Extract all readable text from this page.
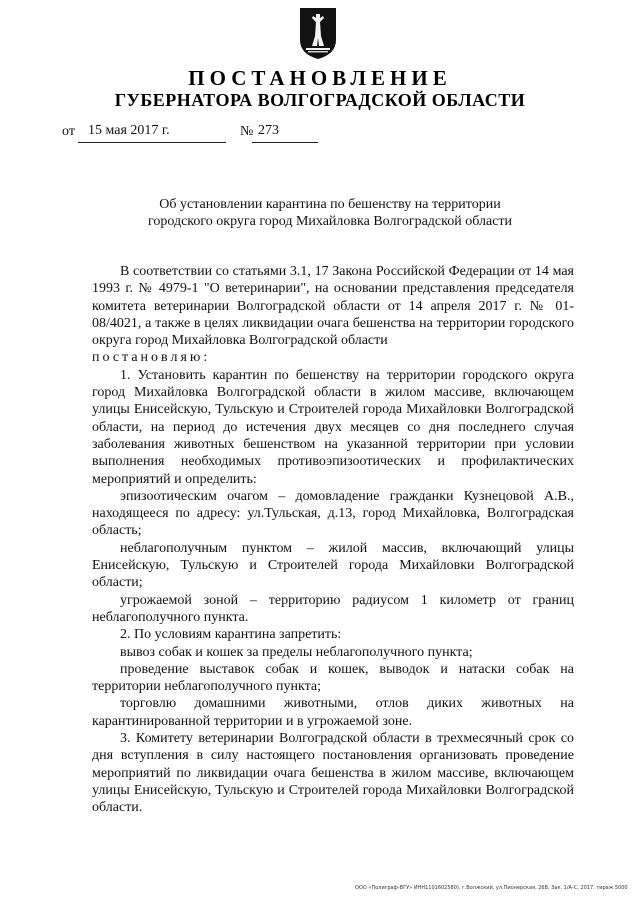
ПОСТАНОВЛЕНИЕ
ГУБЕРНАТОРА ВОЛГОГРАДСКОЙ ОБЛАСТИ
от 15 мая 2017 г.	№ 273
Об установлении карантина по бешенству на территории
городского округа город Михайловка Волгоградской области

В соответствии со статьями 3.1, 17 Закона Российской Федерации от 14 мая 1993 г. № 4979-1 "О ветеринарии", на основании представления председателя комитета ветеринарии Волгоградской области от 14 апреля 2017 г. № 01-08/4021, а также в целях ликвидации очага бешенства на территории городского округа город Михайловка Волгоградской области

постановляю:

1. Установить карантин по бешенству на территории городского округа город Михайловка Волгоградской области в жилом массиве, включающем улицы Енисейскую, Тульскую и Строителей города Михайловки Волгоградской области, на период до истечения двух месяцев со дня последнего случая заболевания животных бешенством на указанной территории при условии выполнения необходимых противоэпизоотических и профилактических мероприятий и определить:

эпизоотическим очагом – домовладение гражданки Кузнецовой А.В., находящееся по адресу: ул.Тульская, д.13, город Михайловка, Волгоградская область;

неблагополучным пунктом – жилой массив, включающий улицы Енисейскую, Тульскую и Строителей города Михайловки Волгоградской области;

угрожаемой зоной – территорию радиусом 1 километр от границ неблагополучного пункта.

2. По условиям карантина запретить:

вывоз собак и кошек за пределы неблагополучного пункта;

проведение выставок собак и кошек, выводок и натаски собак на территории неблагополучного пункта;

торговлю домашними животными, отлов диких животных на карантинированной территории и в угрожаемой зоне.

3. Комитету ветеринарии Волгоградской области в трехмесячный срок со дня вступления в силу настоящего постановления организовать проведение мероприятий по ликвидации очага бешенства в жилом массиве, включающем улицы Енисейскую, Тульскую и Строителей города Михайловки Волгоградской области.

ООО «Полиграф-ВГУ» ИНН1101602580), г.Волжский, ул.Пионерская, 26В. Зак. 1/А-С, 2017. тираж 5000
